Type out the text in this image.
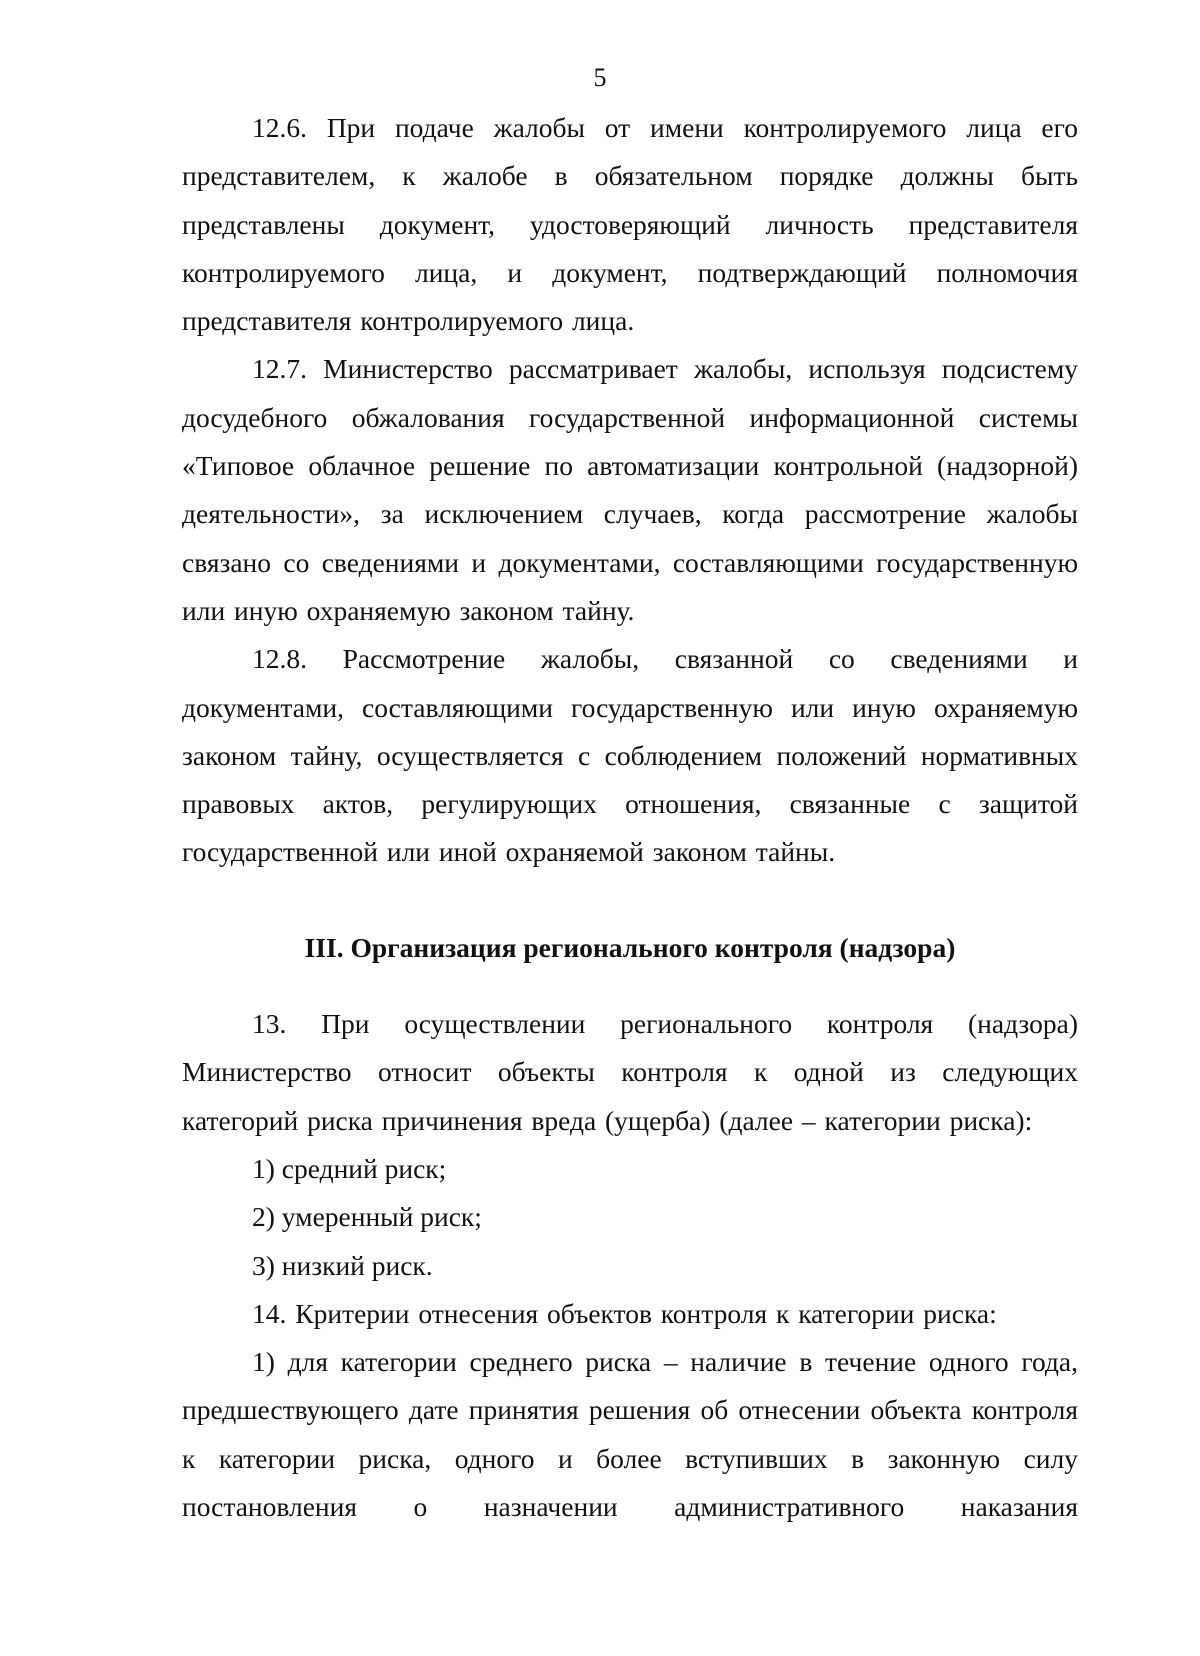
5

12.6. При подаче жалобы от имени контролируемого лица его представителем, к жалобе в обязательном порядке должны быть представлены документ, удостоверяющий личность представителя контролируемого лица, и документ, подтверждающий полномочия представителя контролируемого лица.

12.7. Министерство рассматривает жалобы, используя подсистему досудебного обжалования государственной информационной системы «Типовое облачное решение по автоматизации контрольной (надзорной) деятельности», за исключением случаев, когда рассмотрение жалобы связано со сведениями и документами, составляющими государственную или иную охраняемую законом тайну.

12.8. Рассмотрение жалобы, связанной со сведениями и документами, составляющими государственную или иную охраняемую законом тайну, осуществляется с соблюдением положений нормативных правовых актов, регулирующих отношения, связанные с защитой государственной или иной охраняемой законом тайны.

III. Организация регионального контроля (надзора)

13. При осуществлении регионального контроля (надзора) Министерство относит объекты контроля к одной из следующих категорий риска причинения вреда (ущерба) (далее – категории риска):

1) средний риск;

2) умеренный риск;

3) низкий риск.

14. Критерии отнесения объектов контроля к категории риска:

1) для категории среднего риска – наличие в течение одного года, предшествующего дате принятия решения об отнесении объекта контроля к категории риска, одного и более вступивших в законную силу постановления о назначении административного наказания
